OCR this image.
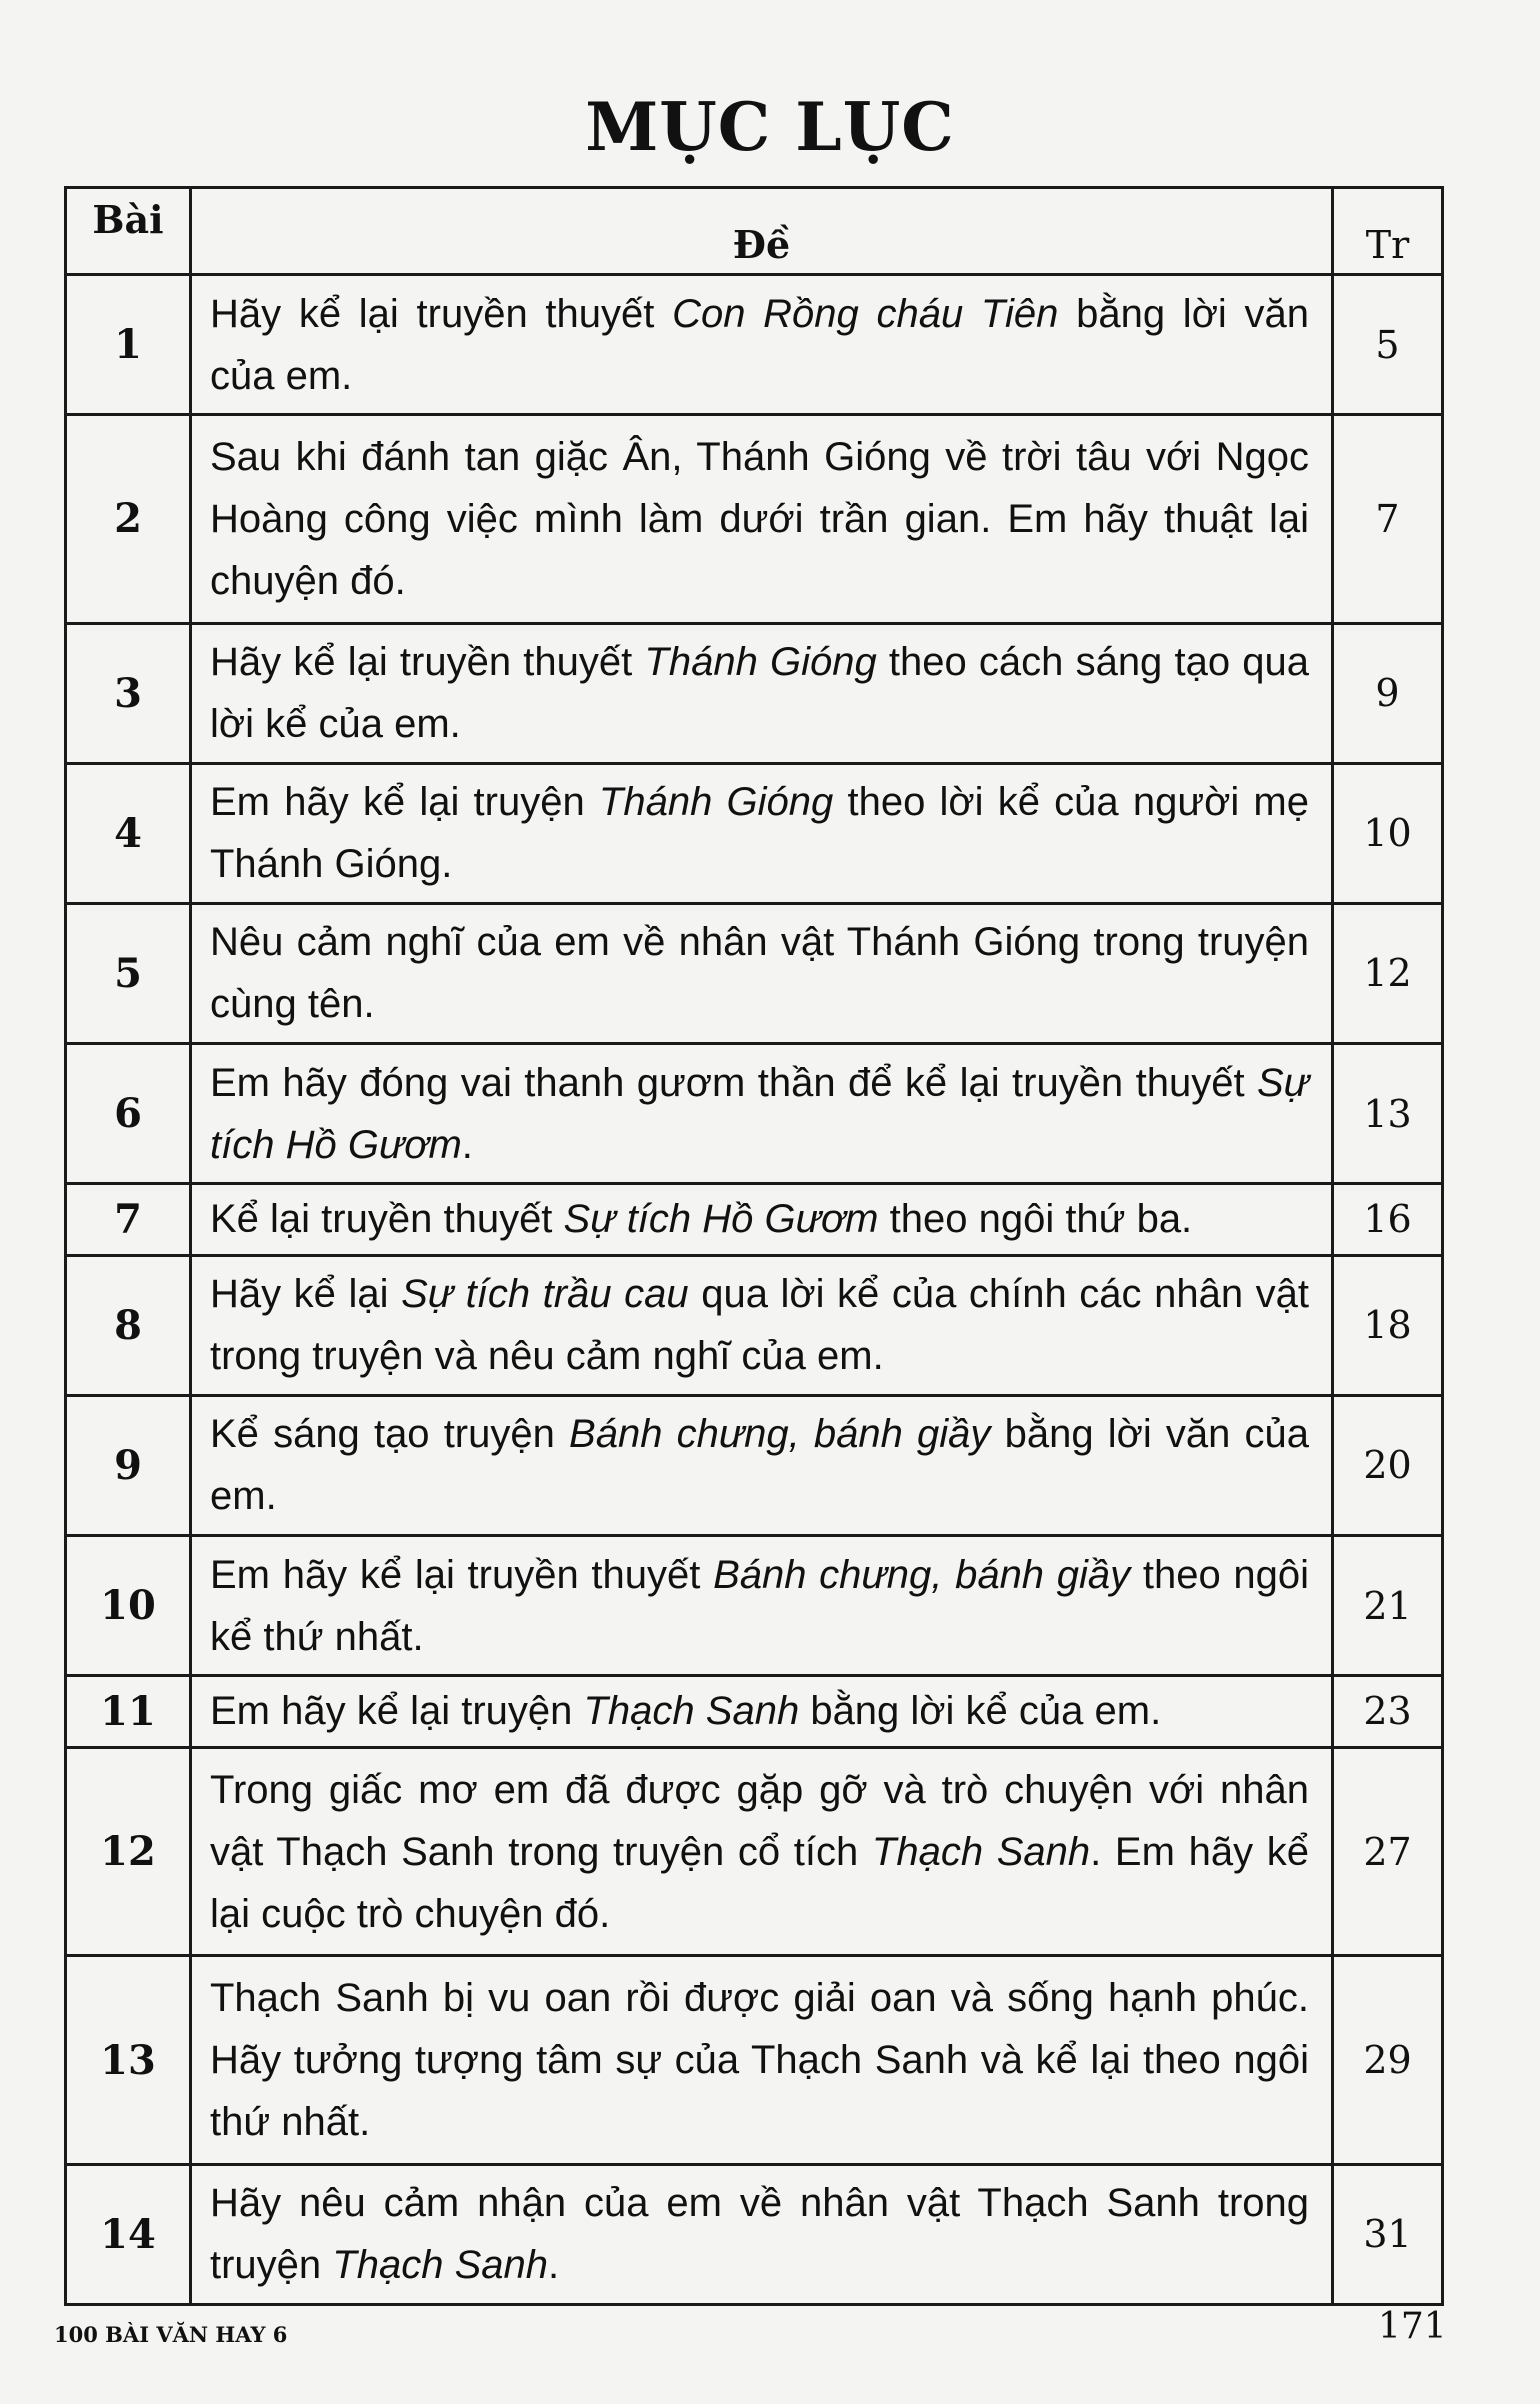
MỤC LỤC
Bài	Đề	Tr
1	Hãy kể lại truyền thuyết Con Rồng cháu Tiên bằng lời văn của em.	5
2	Sau khi đánh tan giặc Ân, Thánh Gióng về trời tâu với Ngọc Hoàng công việc mình làm dưới trần gian. Em hãy thuật lại chuyện đó.	7
3	Hãy kể lại truyền thuyết Thánh Gióng theo cách sáng tạo qua lời kể của em.	9
4	Em hãy kể lại truyện Thánh Gióng theo lời kể của người mẹ Thánh Gióng.	10
5	Nêu cảm nghĩ của em về nhân vật Thánh Gióng trong truyện cùng tên.	12
6	Em hãy đóng vai thanh gươm thần để kể lại truyền thuyết Sự tích Hồ Gươm.	13
7	Kể lại truyền thuyết Sự tích Hồ Gươm theo ngôi thứ ba.	16
8	Hãy kể lại Sự tích trầu cau qua lời kể của chính các nhân vật trong truyện và nêu cảm nghĩ của em.	18
9	Kể sáng tạo truyện Bánh chưng, bánh giầy bằng lời văn của em.	20
10	Em hãy kể lại truyền thuyết Bánh chưng, bánh giầy theo ngôi kể thứ nhất.	21
11	Em hãy kể lại truyện Thạch Sanh bằng lời kể của em.	23
12	Trong giấc mơ em đã được gặp gỡ và trò chuyện với nhân vật Thạch Sanh trong truyện cổ tích Thạch Sanh. Em hãy kể lại cuộc trò chuyện đó.	27
13	Thạch Sanh bị vu oan rồi được giải oan và sống hạnh phúc. Hãy tưởng tượng tâm sự của Thạch Sanh và kể lại theo ngôi thứ nhất.	29
14	Hãy nêu cảm nhận của em về nhân vật Thạch Sanh trong truyện Thạch Sanh.	31
100 BÀI VĂN HAY 6	171
